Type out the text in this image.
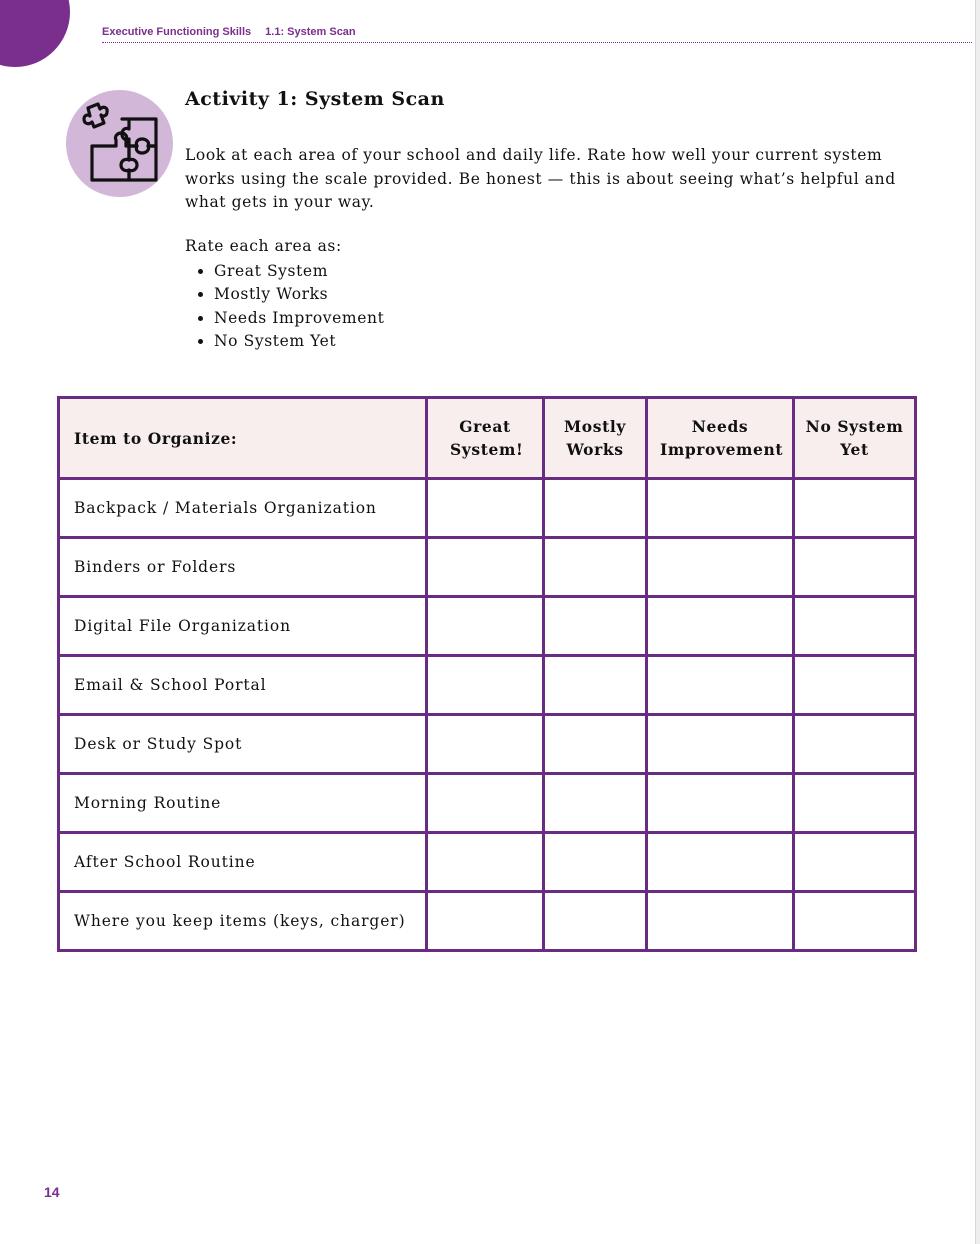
Executive Functioning Skills 1.1: System Scan
Activity 1: System Scan

Look at each area of your school and daily life. Rate how well your current system works using the scale provided. Be honest — this is about seeing what’s helpful and what gets in your way.

Rate each area as:

• Great System
• Mostly Works
• Needs Improvement
• No System Yet
Item to Organize:	Great System!	Mostly Works	Needs Improvement	No System Yet

Backpack / Materials Organization				
Binders or Folders				
Digital File Organization				
Email & School Portal				
Desk or Study Spot				
Morning Routine				
After School Routine				
Where you keep items (keys, charger)				
14
